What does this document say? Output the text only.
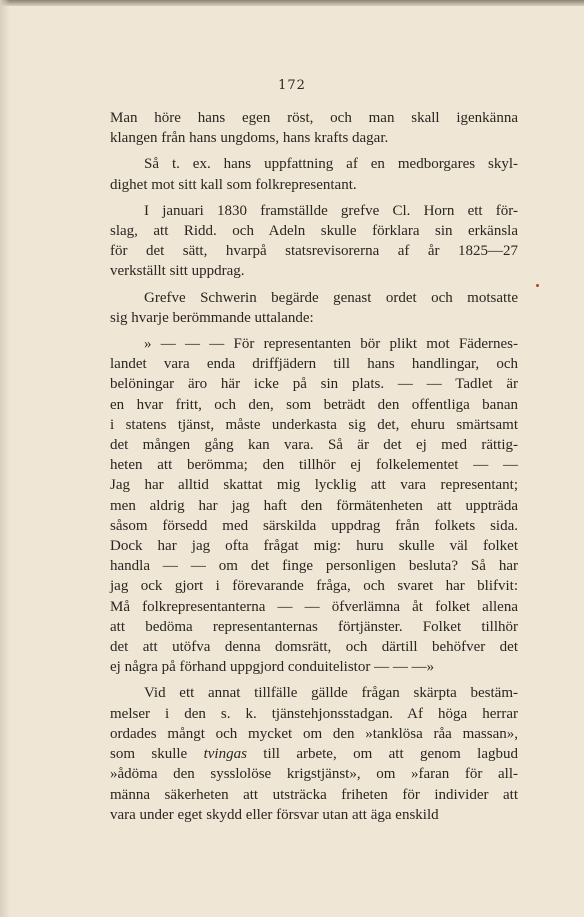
172
Man höre hans egen röst, och man skall igenkänna
klangen från hans ungdoms, hans krafts dagar.
Så t. ex. hans uppfattning af en medborgares skyl-
dighet mot sitt kall som folkrepresentant.
I januari 1830 framställde grefve Cl. Horn ett för-
slag, att Ridd. och Adeln skulle förklara sin erkänsla
för det sätt, hvarpå statsrevisorerna af år 1825—27
verkställt sitt uppdrag.
Grefve Schwerin begärde genast ordet och motsatte
sig hvarje berömmande uttalande:
» — — — För representanten bör plikt mot Fädernes-
landet vara enda driffjädern till hans handlingar, och
belöningar äro här icke på sin plats. — — Tadlet är
en hvar fritt, och den, som beträdt den offentliga banan
i statens tjänst, måste underkasta sig det, ehuru smärtsamt
det mången gång kan vara. Så är det ej med rättig-
heten att berömma; den tillhör ej folkelementet — —
Jag har alltid skattat mig lycklig att vara representant;
men aldrig har jag haft den förmätenheten att uppträda
såsom försedd med särskilda uppdrag från folkets sida.
Dock har jag ofta frågat mig: huru skulle väl folket
handla — — om det finge personligen besluta? Så har
jag ock gjort i förevarande fråga, och svaret har blifvit:
Må folkrepresentanterna — — öfverlämna åt folket allena
att bedöma representanternas förtjänster. Folket tillhör
det att utöfva denna domsrätt, och därtill behöfver det
ej några på förhand uppgjord conduitelistor — — —»
Vid ett annat tillfälle gällde frågan skärpta bestäm-
melser i den s. k. tjänstehjonsstadgan. Af höga herrar
ordades mångt och mycket om den »tanklösa råa massan»,
som skulle tvingas till arbete, om att genom lagbud
»ådöma den sysslolöse krigstjänst», om »faran för all-
männa säkerheten att utsträcka friheten för individer att
vara under eget skydd eller försvar utan att äga enskild
